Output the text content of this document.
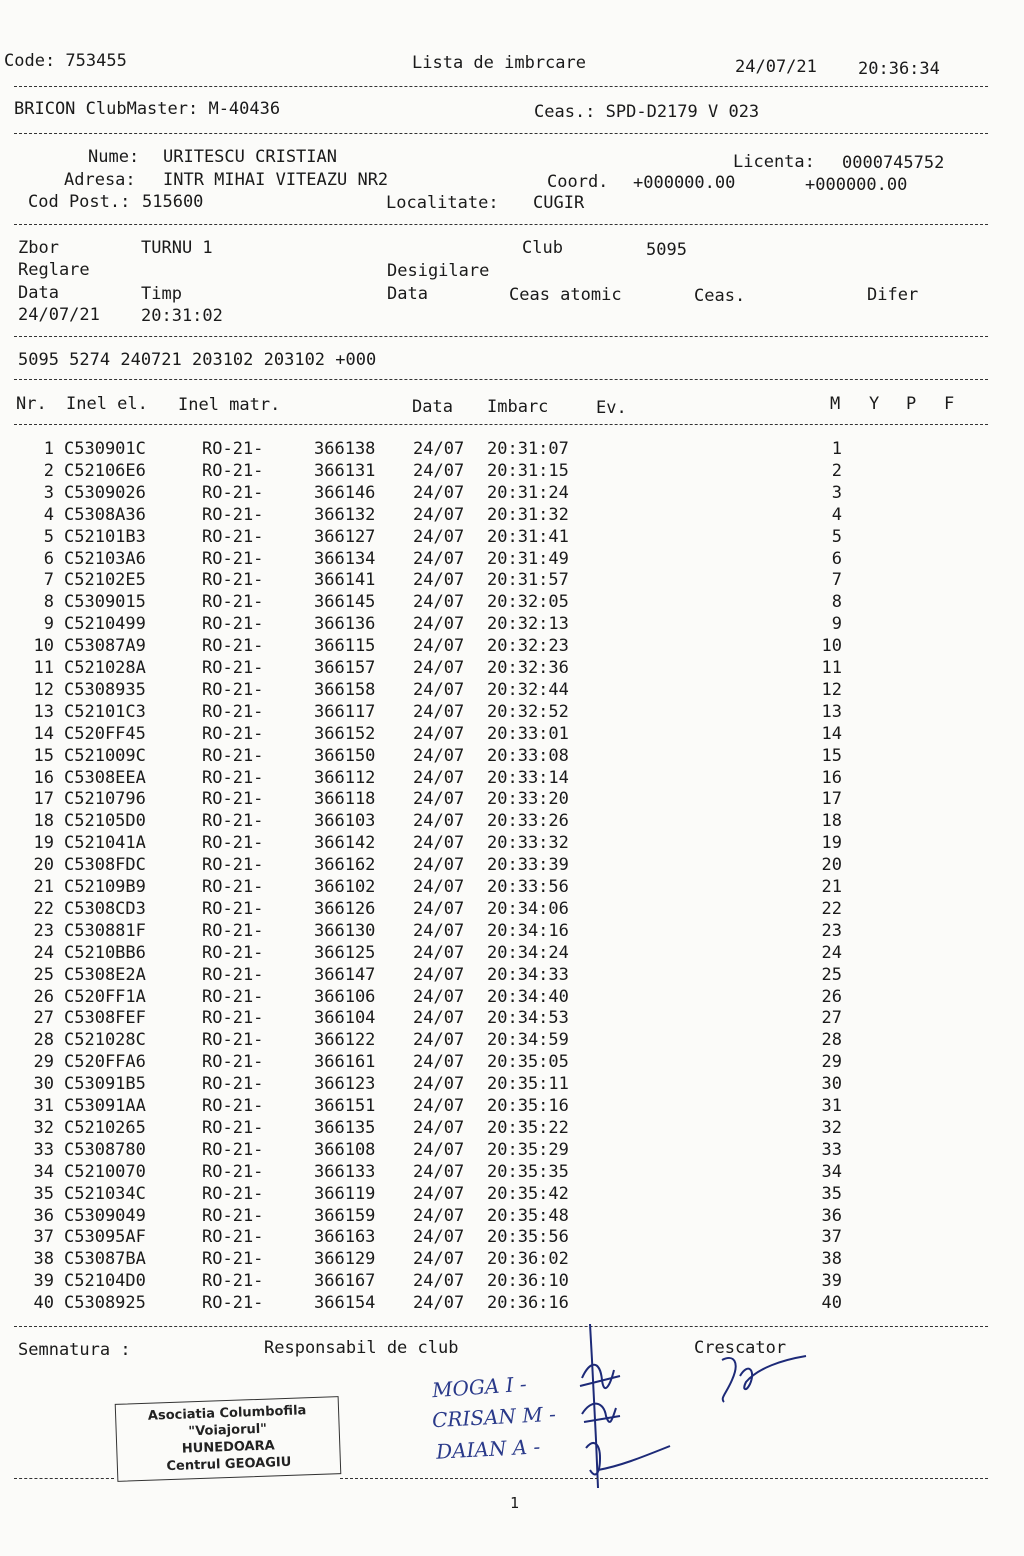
Code: 753455	Lista de imbrcare	24/07/21 20:36:34
BRICON ClubMaster: M-40436	Ceas.: SPD-D2179 V 023
Nume: URITESCU CRISTIAN	Licenta: 0000745752
Adresa: INTR MIHAI VITEAZU NR2	Coord. +000000.00	+000000.00
Cod Post.: 515600	Localitate: CUGIR
Zbor	TURNU 1	Club	5095
Reglare	Desigilare
Data	Timp	Data	Ceas atomic	Ceas.	Difer
24/07/21 20:31:02
5095 5274 240721 203102 203102 +000
Nr. Inel el. Inel matr.	Data Imbarc	Ev.	M Y P F
1 C530901C	RO-21-	366138 24/07 20:31:07	1
2 C52106E6	RO-21-	366131 24/07 20:31:15	2
3 C5309026	RO-21-	366146 24/07 20:31:24	3
4 C5308A36	RO-21-	366132 24/07 20:31:32	4
5 C52101B3	RO-21-	366127 24/07 20:31:41	5
6 C52103A6	RO-21-	366134 24/07 20:31:49	6
7 C52102E5	RO-21-	366141 24/07 20:31:57	7
8 C5309015	RO-21-	366145 24/07 20:32:05	8
9 C5210499	RO-21-	366136 24/07 20:32:13	9
10 C53087A9	RO-21-	366115 24/07 20:32:23	10
11 C521028A	RO-21-	366157 24/07 20:32:36	11
12 C5308935	RO-21-	366158 24/07 20:32:44	12
13 C52101C3	RO-21-	366117 24/07 20:32:52	13
14 C520FF45	RO-21-	366152 24/07 20:33:01	14
15 C521009C	RO-21-	366150 24/07 20:33:08	15
16 C5308EEA	RO-21-	366112 24/07 20:33:14	16
17 C5210796	RO-21-	366118 24/07 20:33:20	17
18 C52105D0	RO-21-	366103 24/07 20:33:26	18
19 C521041A	RO-21-	366142 24/07 20:33:32	19
20 C5308FDC	RO-21-	366162 24/07 20:33:39	20
21 C52109B9	RO-21-	366102 24/07 20:33:56	21
22 C5308CD3	RO-21-	366126 24/07 20:34:06	22
23 C530881F	RO-21-	366130 24/07 20:34:16	23
24 C5210BB6	RO-21-	366125 24/07 20:34:24	24
25 C5308E2A	RO-21-	366147 24/07 20:34:33	25
26 C520FF1A	RO-21-	366106 24/07 20:34:40	26
27 C5308FEF	RO-21-	366104 24/07 20:34:53	27
28 C521028C	RO-21-	366122 24/07 20:34:59	28
29 C520FFA6	RO-21-	366161 24/07 20:35:05	29
30 C53091B5	RO-21-	366123 24/07 20:35:11	30
31 C53091AA	RO-21-	366151 24/07 20:35:16	31
32 C5210265	RO-21-	366135 24/07 20:35:22	32
33 C5308780	RO-21-	366108 24/07 20:35:29	33
34 C5210070	RO-21-	366133 24/07 20:35:35	34
35 C521034C	RO-21-	366119 24/07 20:35:42	35
36 C5309049	RO-21-	366159 24/07 20:35:48	36
37 C53095AF	RO-21-	366163 24/07 20:35:56	37
38 C53087BA	RO-21-	366129 24/07 20:36:02	38
39 C52104D0	RO-21-	366167 24/07 20:36:10	39
40 C5308925	RO-21-	366154 24/07 20:36:16	40
Semnatura :	Responsabil de club	Crescator
Asociatia Columbofila
"Voiajorul"
HUNEDOARA
Centrul GEOAGIU
MOGA I -
CRISAN M -
DAIAN A -
1
